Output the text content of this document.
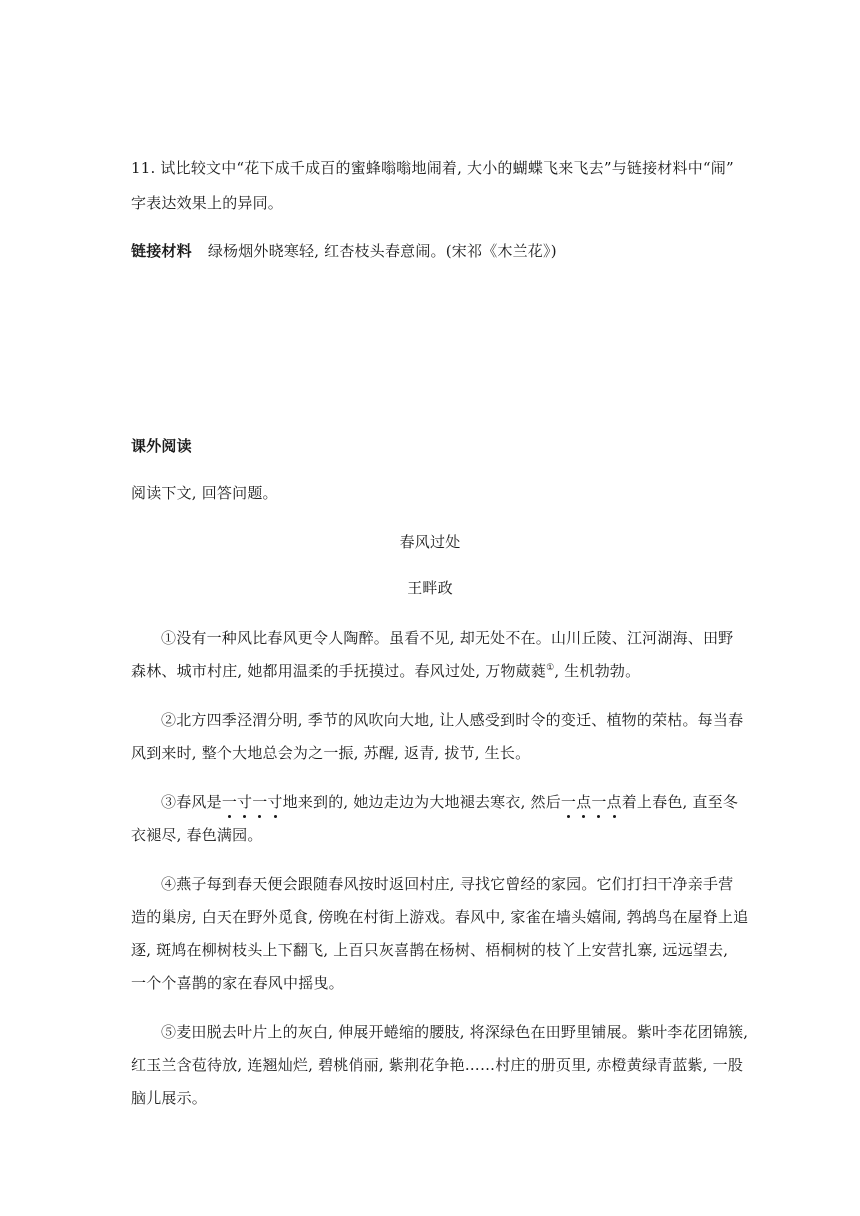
11. 试比较文中“花下成千成百的蜜蜂嗡嗡地闹着, 大小的蝴蝶飞来飞去”与链接材料中“闹”
字表达效果上的异同。
链接材料 绿杨烟外晓寒轻, 红杏枝头春意闹。(宋祁《木兰花》)
课外阅读
阅读下文, 回答问题。
春风过处
王畔政
①没有一种风比春风更令人陶醉。虽看不见, 却无处不在。山川丘陵、江河湖海、田野
森林、城市村庄, 她都用温柔的手抚摸过。春风过处, 万物葳蕤①, 生机勃勃。
②北方四季泾渭分明, 季节的风吹向大地, 让人感受到时令的变迁、植物的荣枯。每当春
风到来时, 整个大地总会为之一振, 苏醒, 返青, 拔节, 生长。
③春风是一
寸
一
寸
地来到的, 她边走边为大地褪去寒衣, 然后一
点
一
点
着上春色, 直至冬
衣褪尽, 春色满园。
④燕子每到春天便会跟随春风按时返回村庄, 寻找它曾经的家园。它们打扫干净亲手营
造的巢房, 白天在野外觅食, 傍晚在村街上游戏。春风中, 家雀在墙头嬉闹, 鹁鸪鸟在屋脊上追
逐, 斑鸠在柳树枝头上下翻飞, 上百只灰喜鹊在杨树、梧桐树的枝丫上安营扎寨, 远远望去,
一个个喜鹊的家在春风中摇曳。
⑤麦田脱去叶片上的灰白, 伸展开蜷缩的腰肢, 将深绿色在田野里铺展。紫叶李花团锦簇,
红玉兰含苞待放, 连翘灿烂, 碧桃俏丽, 紫荆花争艳……村庄的册页里, 赤橙黄绿青蓝紫, 一股
脑儿展示。
